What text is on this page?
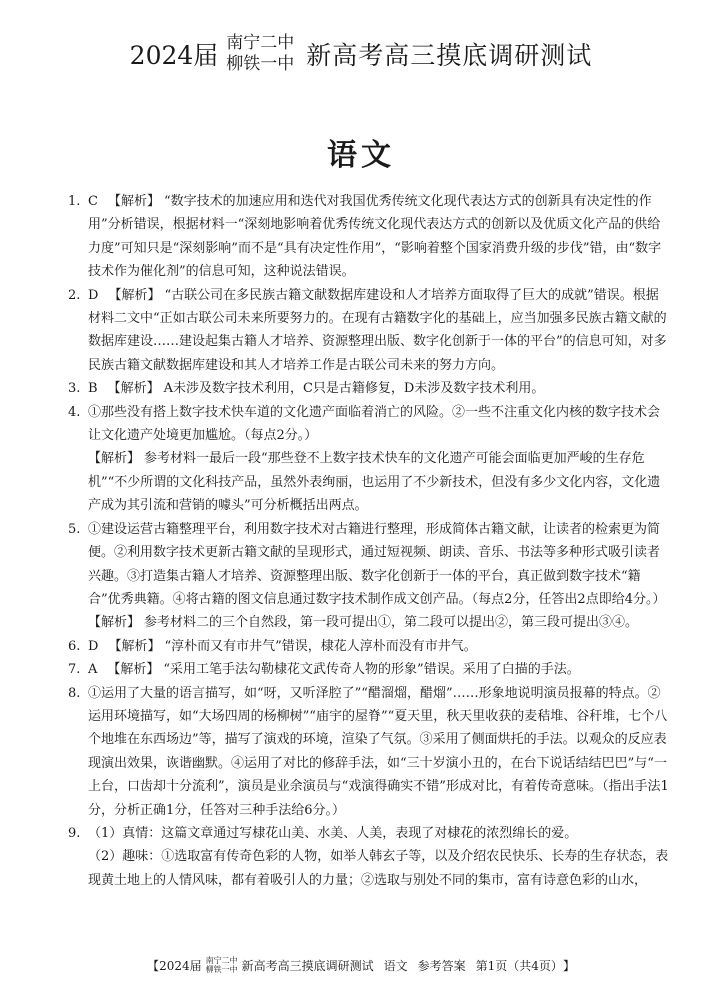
2024届 南宁二中
柳铁一中 新高考高三摸底调研测试
语文
1. C 【解析】 “数字技术的加速应用和迭代对我国优秀传统文化现代表达方式的创新具有决定性的作用”分析错误，根据材料一“深刻地影响着优秀传统文化现代表达方式的创新以及优质文化产品的供给力度”可知只是“深刻影响”而不是“具有决定性作用”，“影响着整个国家消费升级的步伐”错，由“数字技术作为催化剂”的信息可知，这种说法错误。
2. D 【解析】 “古联公司在多民族古籍文献数据库建设和人才培养方面取得了巨大的成就”错误。根据材料二文中“正如古联公司未来所要努力的。在现有古籍数字化的基础上，应当加强多民族古籍文献的数据库建设……建设起集古籍人才培养、资源整理出版、数字化创新于一体的平台”的信息可知，对多民族古籍文献数据库建设和其人才培养工作是古联公司未来的努力方向。
3. B 【解析】 A未涉及数字技术利用，C只是古籍修复，D未涉及数字技术利用。
4. ①那些没有搭上数字技术快车道的文化遗产面临着消亡的风险。②一些不注重文化内核的数字技术会让文化遗产处境更加尴尬。（每点2分。）
【解析】 参考材料一最后一段“那些登不上数字技术快车的文化遗产可能会面临更加严峻的生存危机”“不少所谓的文化科技产品，虽然外表绚丽，也运用了不少新技术，但没有多少文化内容，文化遗产成为其引流和营销的噱头”可分析概括出两点。
5. ①建设运营古籍整理平台，利用数字技术对古籍进行整理，形成简体古籍文献，让读者的检索更为简便。②利用数字技术更新古籍文献的呈现形式，通过短视频、朗读、音乐、书法等多种形式吸引读者兴趣。③打造集古籍人才培养、资源整理出版、数字化创新于一体的平台，真正做到数字技术“籍合”优秀典籍。④将古籍的图文信息通过数字技术制作成文创产品。（每点2分，任答出2点即给4分。）
【解析】 参考材料二的三个自然段，第一段可提出①，第二段可以提出②，第三段可提出③④。
6. D 【解析】 “淳朴而又有市井气”错误，棣花人淳朴而没有市井气。
7. A 【解析】 “采用工笔手法勾勒棣花文武传奇人物的形象”错误。采用了白描的手法。
8. ①运用了大量的语言描写，如“呀，又听泽腔了”“醋溜熘，醋熘”……形象地说明演员报幕的特点。②运用环境描写，如“大场四周的杨柳树”“庙宇的屋脊”“夏天里，秋天里收获的麦秸堆、谷秆堆，七个八个地堆在东西场边”等，描写了演戏的环境，渲染了气氛。③采用了侧面烘托的手法。以观众的反应表现演出效果，诙谐幽默。④运用了对比的修辞手法，如“三十岁演小丑的，在台下说话结结巴巴”与“一上台，口齿却十分流利”，演员是业余演员与“戏演得确实不错”形成对比，有着传奇意味。（指出手法1分，分析正确1分，任答对三种手法给6分。）
9. （1）真情：这篇文章通过写棣花山美、水美、人美，表现了对棣花的浓烈绵长的爱。
（2）趣味：①选取富有传奇色彩的人物，如举人韩玄子等，以及介绍农民快乐、长寿的生存状态，表现黄土地上的人情风味，都有着吸引人的力量；②选取与别处不同的集市，富有诗意色彩的山水，
【 2024届 南宁二中
柳铁一中 新高考高三摸底调研测试 语文 参考答案 第1页（共4页） 】
